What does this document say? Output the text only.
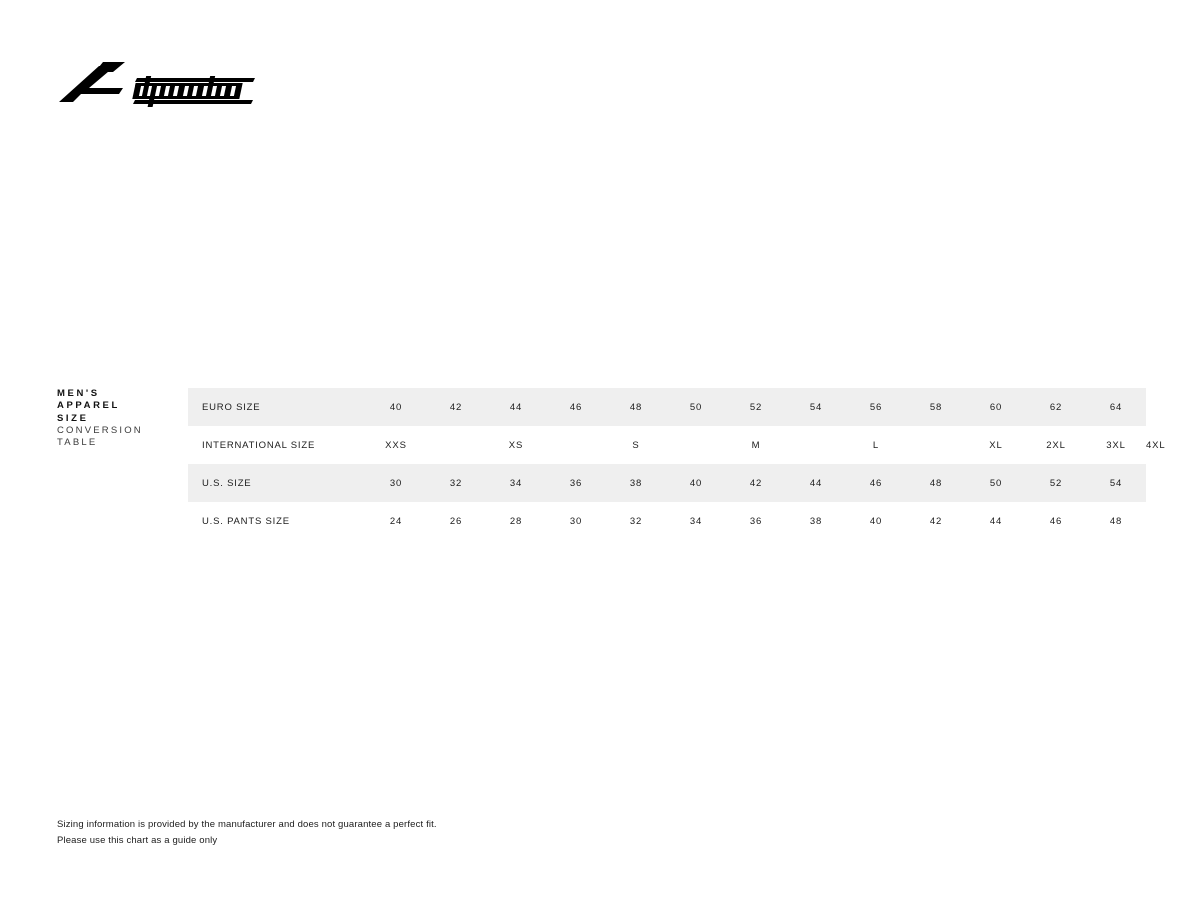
MEN'S

APPAREL

SIZE

CONVERSION

TABLE

EURO SIZE	40	42	44	46	48	50	52	54	56	58	60	62	64	
INTERNATIONAL SIZE	XXS		XS		S		M		L		XL	2XL	3XL	4XL
U.S. SIZE	30	32	34	36	38	40	42	44	46	48	50	52	54	
U.S. PANTS SIZE	24	26	28	30	32	34	36	38	40	42	44	46	48	
Sizing information is provided by the manufacturer and does not guarantee a perfect fit.
Please use this chart as a guide only
